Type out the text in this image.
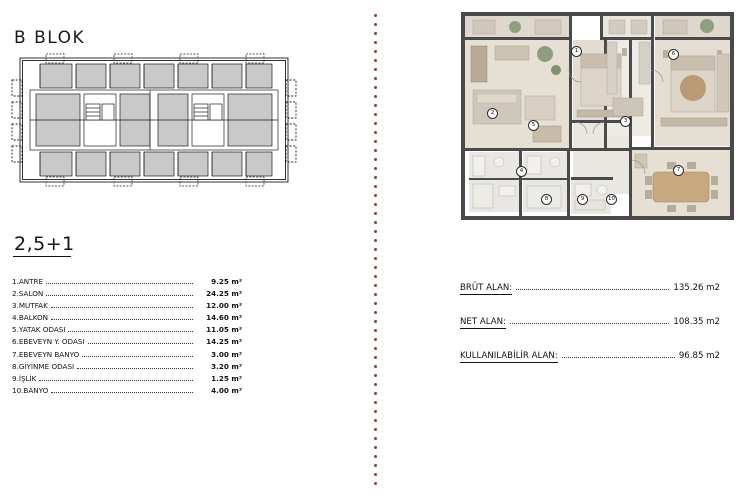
B BLOK
2,5+1
1.ANTRE	9.25 m²
2.SALON	24.25 m²
3.MUTFAK	12.00 m²
4.BALKON	14.60 m²
5.YATAK ODASI	11.05 m²
6.EBEVEYN Y. ODASI	14.25 m²
7.EBEVEYN BANYO	3.00 m²
8.GİYİNME ODASI	3.20 m²
9.İŞLİK	1.25 m²
10.BANYO	4.00 m²
1
2
3
4
5
6
7
8	9	10
BRÜT ALAN:	135.26 m2
NET ALAN:	108.35 m2
KULLANILABİLİR ALAN:	96.85 m2
